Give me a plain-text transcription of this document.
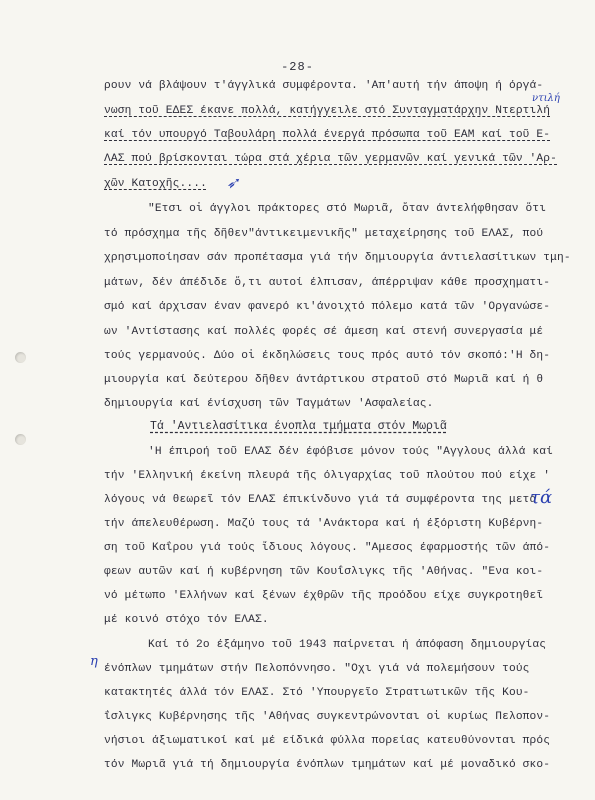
-28-
ρουν νά βλάψουν τ'άγγλικά συμφέροντα. 'Απ'αυτή τήν άποψη ή όργά-
νωση τοῦ ΕΔΕΣ έκανε πολλά, κατήγγειλε στό Συνταγματάρχην Ντερτιλή
καί τόν υπουργό Ταβουλάρη πολλά ένεργά πρόσωπα τοῦ ΕΑΜ καί τοῦ Ε-
ΛΑΣ πού βρίσκονται τώρα στά χέρια τῶν γερμανῶν καί γενικά τῶν 'Αρ-
χῶν Κατοχῆς....
"Ετσι οἱ άγγλοι πράκτορες στό Μωριᾶ, ὅταν άντελήφθησαν ὅτι
τό πρόσχημα τῆς δῆθεν"άντικειμενικῆς" μεταχείρησης τοῦ ΕΛΑΣ, πού
χρησιμοποίησαν σάν προπέτασμα γιά τήν δημιουργία άντιελασίτικων τμη-
μάτων, δέν άπέδιδε ὅ,τι αυτοί έλπισαν, άπέρριψαν κάθε προσχηματι-
σμό καί άρχισαν έναν φανερό κι'άνοιχτό πόλεμο κατά τῶν 'Οργανώσε-
ων 'Αντίστασης καί πολλές φορές σέ άμεση καί στενή συνεργασία μέ
τούς γερμανούς. Δύο οἱ έκδηλώσεις τους πρός αυτό τόν σκοπό:'Η δη-
μιουργία καί δεύτερου δῆθεν άντάρτικου στρατοῦ στό Μωριᾶ καί ή θ
δημιουργία καί ένίσχυση τῶν Ταγμάτων 'Ασφαλείας.
Τά 'Αντιελασίτικα ένοπλα τμήματα στόν Μωριᾶ
'Η έπιροή τοῦ ΕΛΑΣ δέν έφόβισε μόνον τούς "Αγγλους άλλά καί
τήν 'Ελληνική έκείνη πλευρά τῆς όλιγαρχίας τοῦ πλούτου πού είχε '
λόγους νά θεωρεῖ τόν ΕΛΑΣ έπικίνδυνο γιά τά συμφέροντα της μετά
τήν άπελευθέρωση. Μαζύ τους τά 'Ανάκτορα καί ή έξόριστη Κυβέρνη-
ση τοῦ Καΐρου γιά τούς ἴδιους λόγους. "Αμεσος έφαρμοστής τῶν άπό-
φεων αυτῶν καί ή κυβέρνηση τῶν Κουΐσλιγκς τῆς 'Αθήνας. "Ενα κοι-
νό μέτωπο 'Ελλήνων καί ξένων έχθρῶν τῆς προόδου είχε συγκροτηθεῖ
μέ κοινό στόχο τόν ΕΛΑΣ.
Καί τό 2ο έξάμηνο τοῦ 1943 παίρνεται ή άπόφαση δημιουργίας
ένόπλων τμημάτων στήν Πελοπόννησο. "Οχι γιά νά πολεμήσουν τούς
κατακτητές άλλά τόν ΕΛΑΣ. Στό 'Υπουργεῖο Στρατιωτικῶν τῆς Κου-
ΐσλιγκς Κυβέρνησης τῆς 'Αθήνας συγκεντρώνονται οἱ κυρίως Πελοπον-
νήσιοι άξιωματικοί καί μέ είδικά φύλλα πορείας κατευθύνονται πρός
τόν Μωριᾶ γιά τή δημιουργία ένόπλων τμημάτων καί μέ μοναδικό σκο-
ντιλή
τά
η
➶
